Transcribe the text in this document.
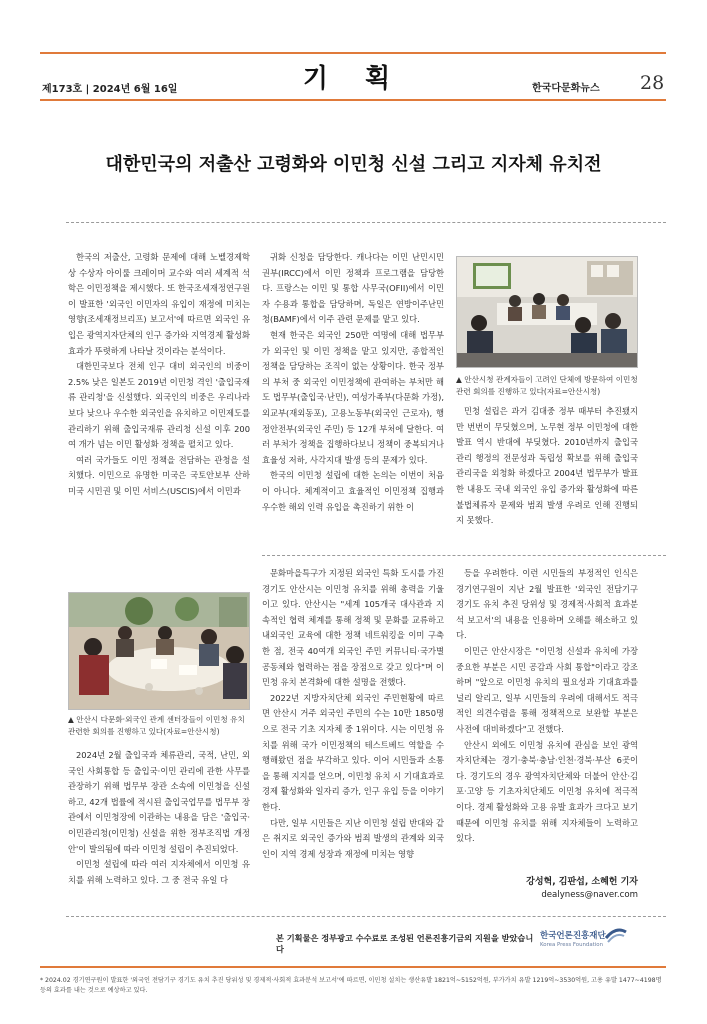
제173호 | 2024년 6월 16일	기 획	한국다문화뉴스 28
대한민국의 저출산 고령화와 이민청 신설 그리고 지자체 유치전

한국의 저출산, 고령화 문제에 대해 노벨경제학상 수상자 아이룰 크레이머 교수와 여러 세계적 석학은 이민정책을 제시했다. 또 한국조세재정연구원이 발표한 '외국인 이민자의 유입이 재정에 미치는 영향(조세재정브리프) 보고서'에 따르면 외국인 유입은 광역지자단체의 인구 증가와 지역경제 활성화 효과가 뚜렷하게 나타날 것이라는 분석이다.

대한민국보다 전체 인구 대비 외국인의 비중이 2.5% 낮은 일본도 2019년 이민청 격인 '출입국재류 관리청'을 신설했다. 외국인의 비중은 우리나라보다 낮으나 우수한 외국인을 유치하고 이민제도를 관리하기 위해 출입국재류 관리청 신설 이후 200여 개가 넘는 이민 활성화 정책을 펼치고 있다.

여러 국가들도 이민 정책을 전담하는 관청을 설치했다. 이민으로 유명한 미국은 국토안보부 산하 미국 시민권 및 이민 서비스(USCIS)에서 이민과

귀화 신청을 담당한다. 캐나다는 이민 난민시민권부(IRCC)에서 이민 정책과 프로그램을 담당한다. 프랑스는 이민 및 통합 사무국(OFII)에서 이민자 수용과 통합을 담당하며, 독일은 연방이주난민청(BAMF)에서 이주 관련 문제를 맡고 있다.

현재 한국은 외국인 250만 여명에 대해 법무부가 외국인 및 이민 정책을 맡고 있지만, 종합적인 정책을 담당하는 조직이 없는 상황이다. 한국 정부의 부처 중 외국인 이민정책에 관여하는 부처만 해도 법무부(출입국·난민), 여성가족부(다문화 가정), 외교부(재외동포), 고용노동부(외국인 근로자), 행정안전부(외국인 주민) 등 12개 부처에 달한다. 여러 부처가 정책을 집행하다보니 정책이 중복되거나 효율성 저하, 사각지대 발생 등의 문제가 있다.

한국의 이민청 설립에 대한 논의는 이번이 처음이 아니다. 체계적이고 효율적인 이민정책 집행과 우수한 해외 인력 유입을 촉진하기 위한 이

▲ 안산시청 관계자들이 고려인 단체에 방문하여 이민청 관련 회의를 진행하고 있다(자료=안산시청)

민청 설립은 과거 김대중 정부 때부터 추진됐지만 번번이 무딧혔으며, 노무현 정부 이민청에 대한 발표 역시 반대에 부딪혔다. 2010년까지 출입국 관리 행정의 전문성과 독립성 확보를 위해 출입국관리국을 외청화 하겠다고 2004년 법무부가 발표한 내용도 국내 외국인 유입 증가와 활성화에 따른 불법체류자 문제와 범죄 발생 우려로 인해 진행되지 못했다.

▲ 안산시 다문화·외국인 관계 센터장들이 이민청 유치 관련한 회의를 진행하고 있다(자료=안산시청)

2024년 2월 출입국과 체류관리, 국적, 난민, 외국인 사회통합 등 출입국·이민 관리에 관한 사무를 관장하기 위해 법무부 장관 소속에 이민청을 신설하고, 42개 법률에 적시된 출입국업무를 법무부 장관에서 이민청장에 이관하는 내용을 담은 '출입국·이민관리청(이민청) 신설을 위한 정부조직법 개정안'이 발의됨에 따라 이민청 설립이 추진되었다.

이민청 설립에 따라 여러 지자체에서 이민청 유치를 위해 노력하고 있다. 그 중 전국 유일 다

문화마을특구가 지정된 외국인 특화 도시를 가진 경기도 안산시는 이민청 유치를 위해 총력을 기울이고 있다. 안산시는 "세계 105개국 대사관과 지속적인 협력 체계를 통해 정책 및 문화를 교류하고 내외국인 교육에 대한 정책 네트워킹을 이미 구축한 점, 전국 40여개 외국인 주민 커뮤니티·국가별 공동체와 협력하는 점을 장점으로 갖고 있다"며 이민청 유치 본격화에 대한 설명을 전했다.

2022년 지방자치단체 외국인 주민현황에 따르면 안산시 거주 외국인 주민의 수는 10만 1850명으로 전국 기초 지자체 중 1위이다. 시는 이민청 유치를 위해 국가 이민정책의 테스트베드 역할을 수행해왔던 점을 부각하고 있다. 이어 시민들과 소통을 통해 지지를 얻으며, 이민청 유치 시 기대효과로 경제 활성화와 일자리 증가, 인구 유입 등을 이야기한다.

다만, 일부 시민들은 지난 이민청 설립 반대와 같은 취지로 외국인 증가와 범죄 발생의 관계와 외국인이 지역 경제 성장과 재정에 미치는 영향

등을 우려한다. 이런 시민들의 부정적인 인식은 경기연구원이 지난 2월 발표한 '외국인 전담기구 경기도 유치 추진 당위성 및 경제적·사회적 효과분석 보고서'의 내용을 인용하며 오해를 해소하고 있다.

이민근 안산시장은 "이민청 신설과 유치에 가장 중요한 부분은 시민 공감과 사회 통합"이라고 강조하며 "앞으로 이민청 유치의 필요성과 기대효과를 널리 알리고, 일부 시민들의 우려에 대해서도 적극적인 의견수렴을 통해 정책적으로 보완할 부분은 사전에 대비하겠다"고 전했다.

안산시 외에도 이민청 유치에 관심을 보인 광역자치단체는 경기·충북·충남·인천·경북·부산 6곳이다. 경기도의 경우 광역자치단체와 더불어 안산·김포·고양 등 기초자치단체도 이민청 유치에 적극적이다. 경제 활성화와 고용 유발 효과가 크다고 보기 때문에 이민청 유치를 위해 지자체들이 노력하고 있다.

강성혁, 김판섭, 소혜헌 기자
dealyness@naver.com
본 기획물은 정부광고 수수료로 조성된 언론진흥기금의 지원을 받았습니다
한국언론진흥재단
Korea Press Foundation
* 2024.02 경기연구원이 발표한 '외국인 전담기구 경기도 유치 추진 당위성 및 경제적·사회적 효과분석 보고서'에 따르면, 이민청 설치는 생산유발 1821억~5152억원, 부가가치 유발 1219억~3530억원, 고용 유발 1477~4198명 등의 효과를 내는 것으로 예상하고 있다.
